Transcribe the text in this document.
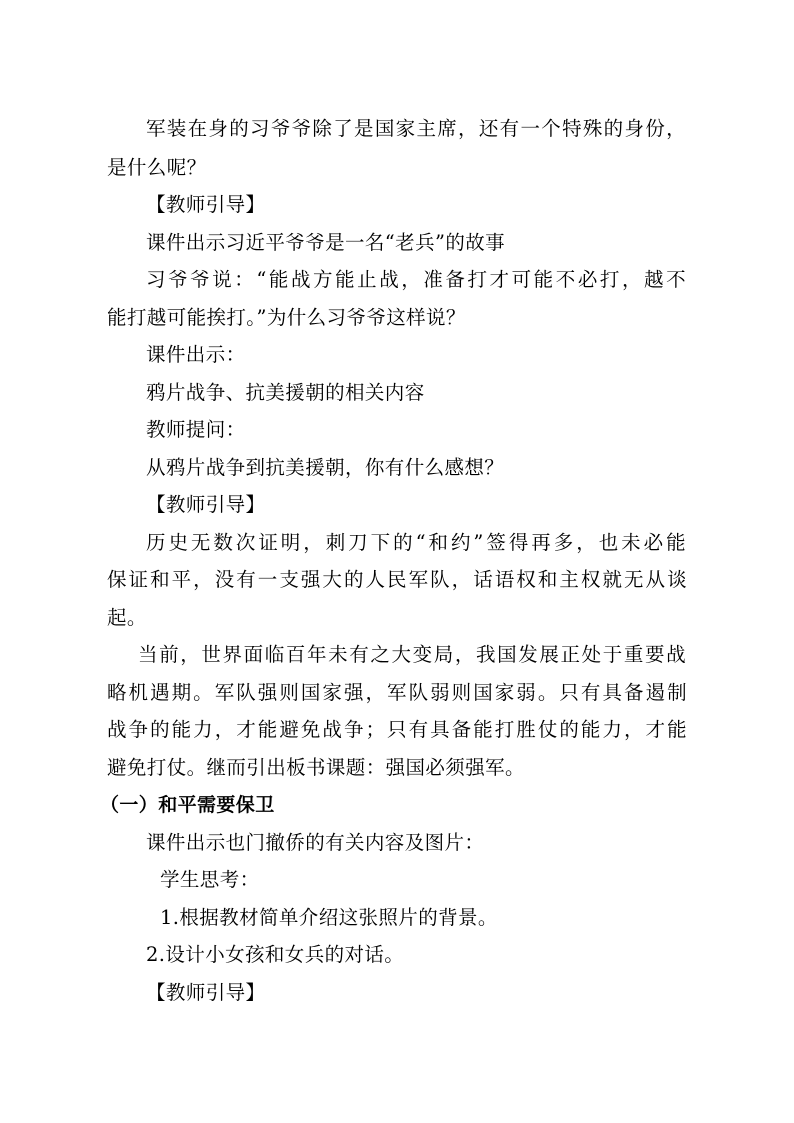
军装在身的习爷爷除了是国家主席，还有一个特殊的身份，
是什么呢？
【教师引导】
课件出示习近平爷爷是一名“老兵”的故事
习爷爷说：“能战方能止战，准备打才可能不必打，越不
能打越可能挨打。”为什么习爷爷这样说？
课件出示：
鸦片战争、抗美援朝的相关内容
教师提问：
从鸦片战争到抗美援朝，你有什么感想？
【教师引导】
历史无数次证明，刺刀下的“和约”签得再多，也未必能
保证和平，没有一支强大的人民军队，话语权和主权就无从谈
起。
当前，世界面临百年未有之大变局，我国发展正处于重要战
略机遇期。军队强则国家强，军队弱则国家弱。只有具备遏制
战争的能力，才能避免战争；只有具备能打胜仗的能力，才能
避免打仗。继而引出板书课题：强国必须强军。
（一）和平需要保卫
课件出示也门撤侨的有关内容及图片：
学生思考：
1.根据教材简单介绍这张照片的背景。
2.设计小女孩和女兵的对话。
【教师引导】
